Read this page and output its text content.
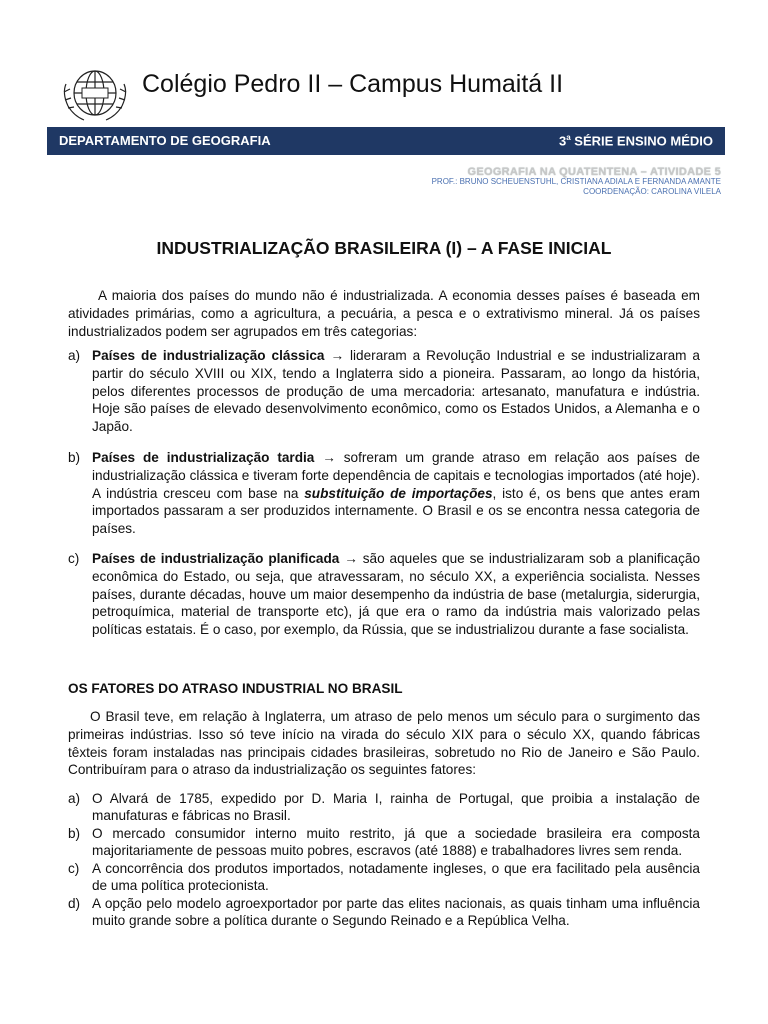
Colégio Pedro II – Campus Humaitá II
DEPARTAMENTO DE GEOGRAFIA	3$^a$ SÉRIE ENSINO MÉDIO
GEOGRAFIA NA QUATENTENA – ATIVIDADE 5
PROF.: BRUNO SCHEUENSTUHL, CRISTIANA ADIALA E FERNANDA AMANTE
COORDENAÇÃO: CAROLINA VILELA
INDUSTRIALIZAÇÃO BRASILEIRA (I) – A FASE INICIAL
A maioria dos países do mundo não é industrializada. A economia desses países é baseada em atividades primárias, como a agricultura, a pecuária, a pesca e o extrativismo mineral. Já os países industrializados podem ser agrupados em três categorias:
a) Países de industrialização clássica → lideraram a Revolução Industrial e se industrializaram a partir do século XVIII ou XIX, tendo a Inglaterra sido a pioneira. Passaram, ao longo da história, pelos diferentes processos de produção de uma mercadoria: artesanato, manufatura e indústria. Hoje são países de elevado desenvolvimento econômico, como os Estados Unidos, a Alemanha e o Japão.
b) Países de industrialização tardia → sofreram um grande atraso em relação aos países de industrialização clássica e tiveram forte dependência de capitais e tecnologias importados (até hoje). A indústria cresceu com base na substituição de importações, isto é, os bens que antes eram importados passaram a ser produzidos internamente. O Brasil e os se encontra nessa categoria de países.
c) Países de industrialização planificada → são aqueles que se industrializaram sob a planificação econômica do Estado, ou seja, que atravessaram, no século XX, a experiência socialista. Nesses países, durante décadas, houve um maior desempenho da indústria de base (metalurgia, siderurgia, petroquímica, material de transporte etc), já que era o ramo da indústria mais valorizado pelas políticas estatais. É o caso, por exemplo, da Rússia, que se industrializou durante a fase socialista.
OS FATORES DO ATRASO INDUSTRIAL NO BRASIL
O Brasil teve, em relação à Inglaterra, um atraso de pelo menos um século para o surgimento das primeiras indústrias. Isso só teve início na virada do século XIX para o século XX, quando fábricas têxteis foram instaladas nas principais cidades brasileiras, sobretudo no Rio de Janeiro e São Paulo. Contribuíram para o atraso da industrialização os seguintes fatores:
a) O Alvará de 1785, expedido por D. Maria I, rainha de Portugal, que proibia a instalação de manufaturas e fábricas no Brasil.
b) O mercado consumidor interno muito restrito, já que a sociedade brasileira era composta majoritariamente de pessoas muito pobres, escravos (até 1888) e trabalhadores livres sem renda.
c) A concorrência dos produtos importados, notadamente ingleses, o que era facilitado pela ausência de uma política protecionista.
d) A opção pelo modelo agroexportador por parte das elites nacionais, as quais tinham uma influência muito grande sobre a política durante o Segundo Reinado e a República Velha.
